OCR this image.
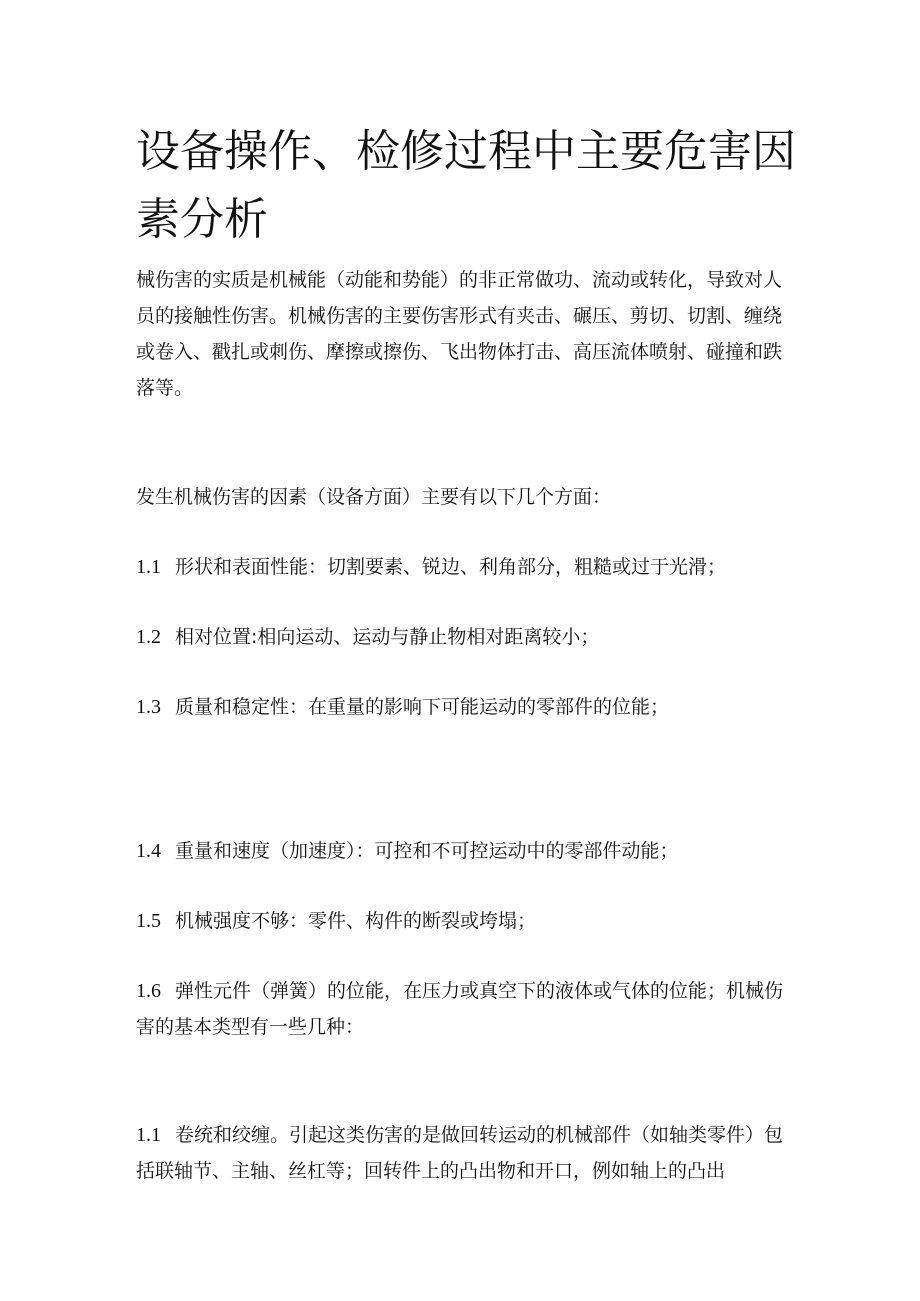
设备操作、检修过程中主要危害因素分析

械伤害的实质是机械能（动能和势能）的非正常做功、流动或转化，导致对人员的接触性伤害。机械伤害的主要伤害形式有夹击、碾压、剪切、切割、缠绕或卷入、戳扎或刺伤、摩擦或擦伤、飞出物体打击、高压流体喷射、碰撞和跌落等。

发生机械伤害的因素（设备方面）主要有以下几个方面：

1.1 形状和表面性能：切割要素、锐边、利角部分，粗糙或过于光滑；

1.2 相对位置:相向运动、运动与静止物相对距离较小；

1.3 质量和稳定性：在重量的影响下可能运动的零部件的位能；

1.4 重量和速度（加速度）：可控和不可控运动中的零部件动能；

1.5 机械强度不够：零件、构件的断裂或垮塌；

1.6 弹性元件（弹簧）的位能，在压力或真空下的液体或气体的位能；机械伤害的基本类型有一些几种：

1.1 卷统和绞缠。引起这类伤害的是做回转运动的机械部件（如轴类零件）包括联轴节、主轴、丝杠等；回转件上的凸出物和开口，例如轴上的凸出
